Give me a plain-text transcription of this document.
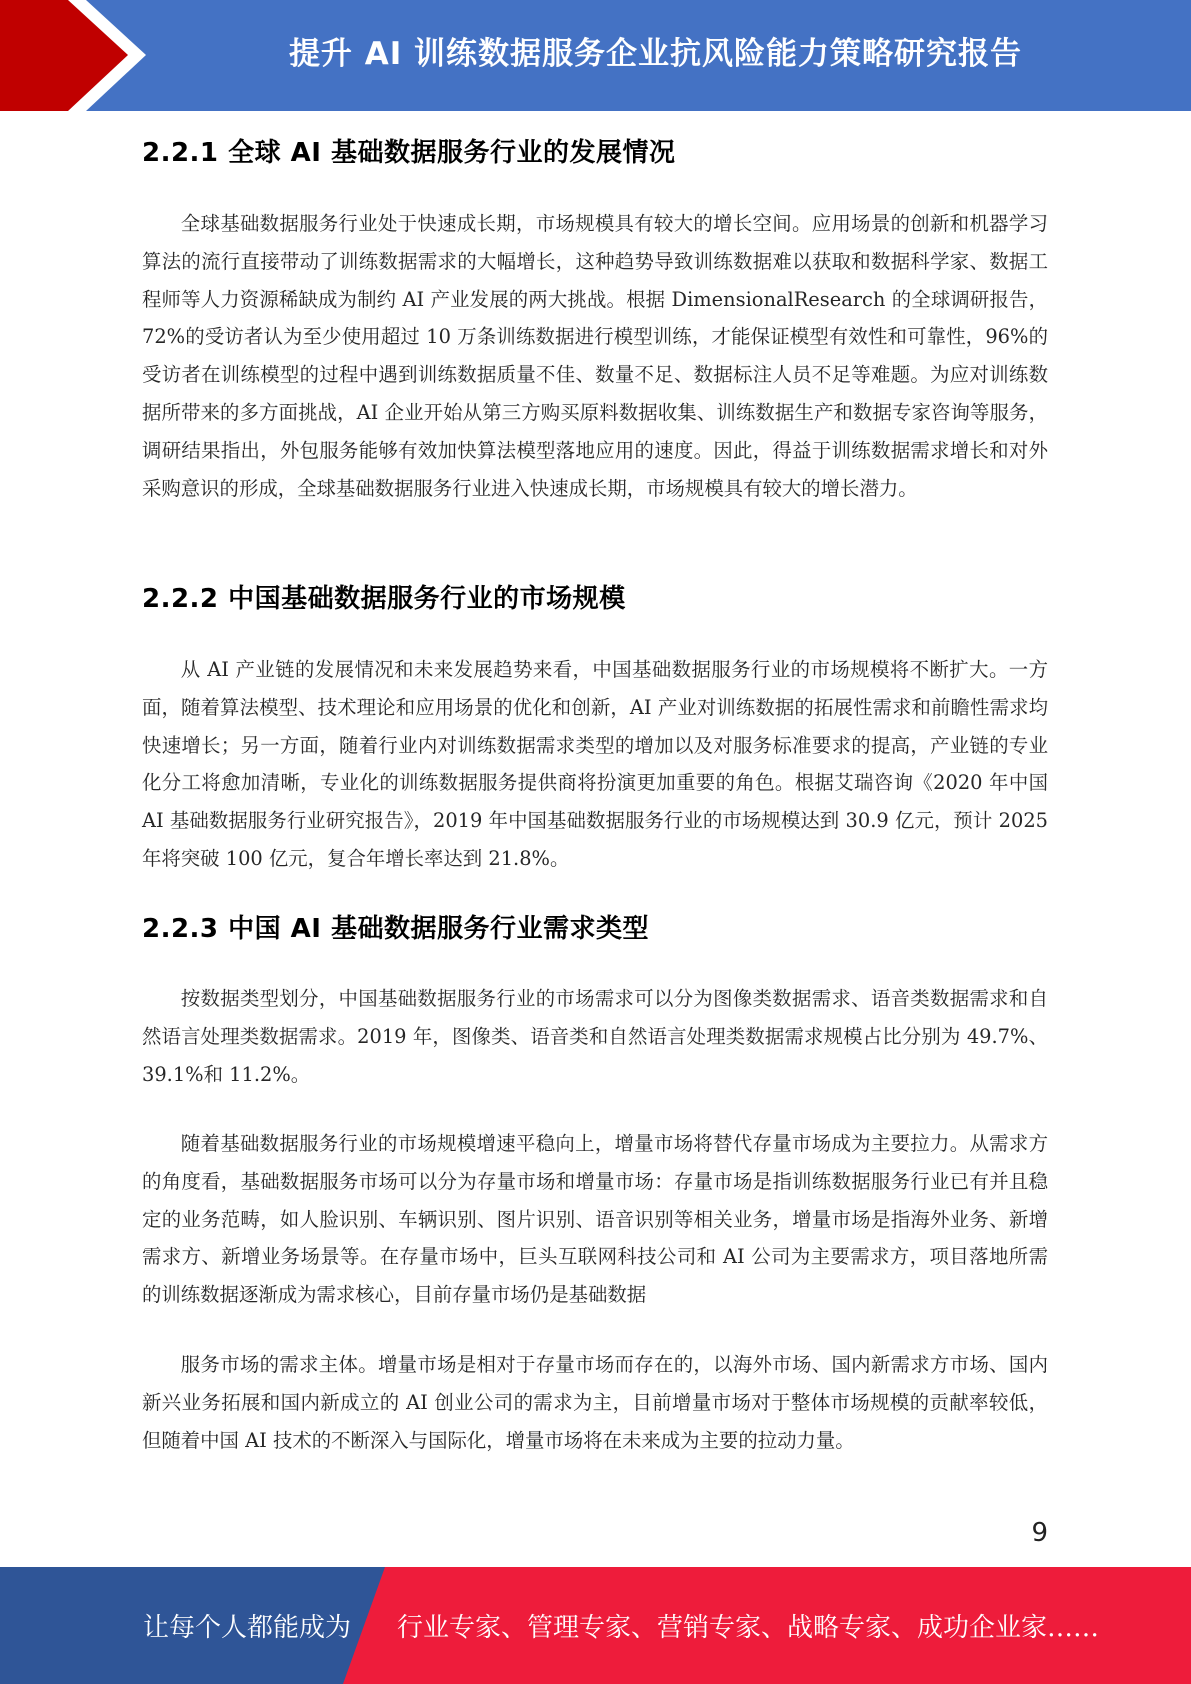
提升 AI 训练数据服务企业抗风险能力策略研究报告
2.2.1 全球 AI 基础数据服务行业的发展情况

全球基础数据服务行业处于快速成长期，市场规模具有较大的增长空间。应用场景的创新和机器学习算法的流行直接带动了训练数据需求的大幅增长，这种趋势导致训练数据难以获取和数据科学家、数据工程师等人力资源稀缺成为制约 AI 产业发展的两大挑战。根据 DimensionalResearch 的全球调研报告，72%的受访者认为至少使用超过 10 万条训练数据进行模型训练，才能保证模型有效性和可靠性，96%的受访者在训练模型的过程中遇到训练数据质量不佳、数量不足、数据标注人员不足等难题。为应对训练数据所带来的多方面挑战，AI 企业开始从第三方购买原料数据收集、训练数据生产和数据专家咨询等服务，调研结果指出，外包服务能够有效加快算法模型落地应用的速度。因此，得益于训练数据需求增长和对外采购意识的形成，全球基础数据服务行业进入快速成长期，市场规模具有较大的增长潜力。

2.2.2 中国基础数据服务行业的市场规模

从 AI 产业链的发展情况和未来发展趋势来看，中国基础数据服务行业的市场规模将不断扩大。一方面，随着算法模型、技术理论和应用场景的优化和创新，AI 产业对训练数据的拓展性需求和前瞻性需求均快速增长；另一方面，随着行业内对训练数据需求类型的增加以及对服务标准要求的提高，产业链的专业化分工将愈加清晰，专业化的训练数据服务提供商将扮演更加重要的角色。根据艾瑞咨询《2020 年中国 AI 基础数据服务行业研究报告》，2019 年中国基础数据服务行业的市场规模达到 30.9 亿元，预计 2025 年将突破 100 亿元，复合年增长率达到 21.8%。

2.2.3 中国 AI 基础数据服务行业需求类型

按数据类型划分，中国基础数据服务行业的市场需求可以分为图像类数据需求、语音类数据需求和自然语言处理类数据需求。2019 年，图像类、语音类和自然语言处理类数据需求规模占比分别为 49.7%、39.1%和 11.2%。

随着基础数据服务行业的市场规模增速平稳向上，增量市场将替代存量市场成为主要拉力。从需求方的角度看，基础数据服务市场可以分为存量市场和增量市场：存量市场是指训练数据服务行业已有并且稳定的业务范畴，如人脸识别、车辆识别、图片识别、语音识别等相关业务，增量市场是指海外业务、新增需求方、新增业务场景等。在存量市场中，巨头互联网科技公司和 AI 公司为主要需求方，项目落地所需的训练数据逐渐成为需求核心，目前存量市场仍是基础数据

服务市场的需求主体。增量市场是相对于存量市场而存在的，以海外市场、国内新需求方市场、国内新兴业务拓展和国内新成立的 AI 创业公司的需求为主，目前增量市场对于整体市场规模的贡献率较低，但随着中国 AI 技术的不断深入与国际化，增量市场将在未来成为主要的拉动力量。

9
让每个人都能成为 行业专家、管理专家、营销专家、战略专家、成功企业家……
